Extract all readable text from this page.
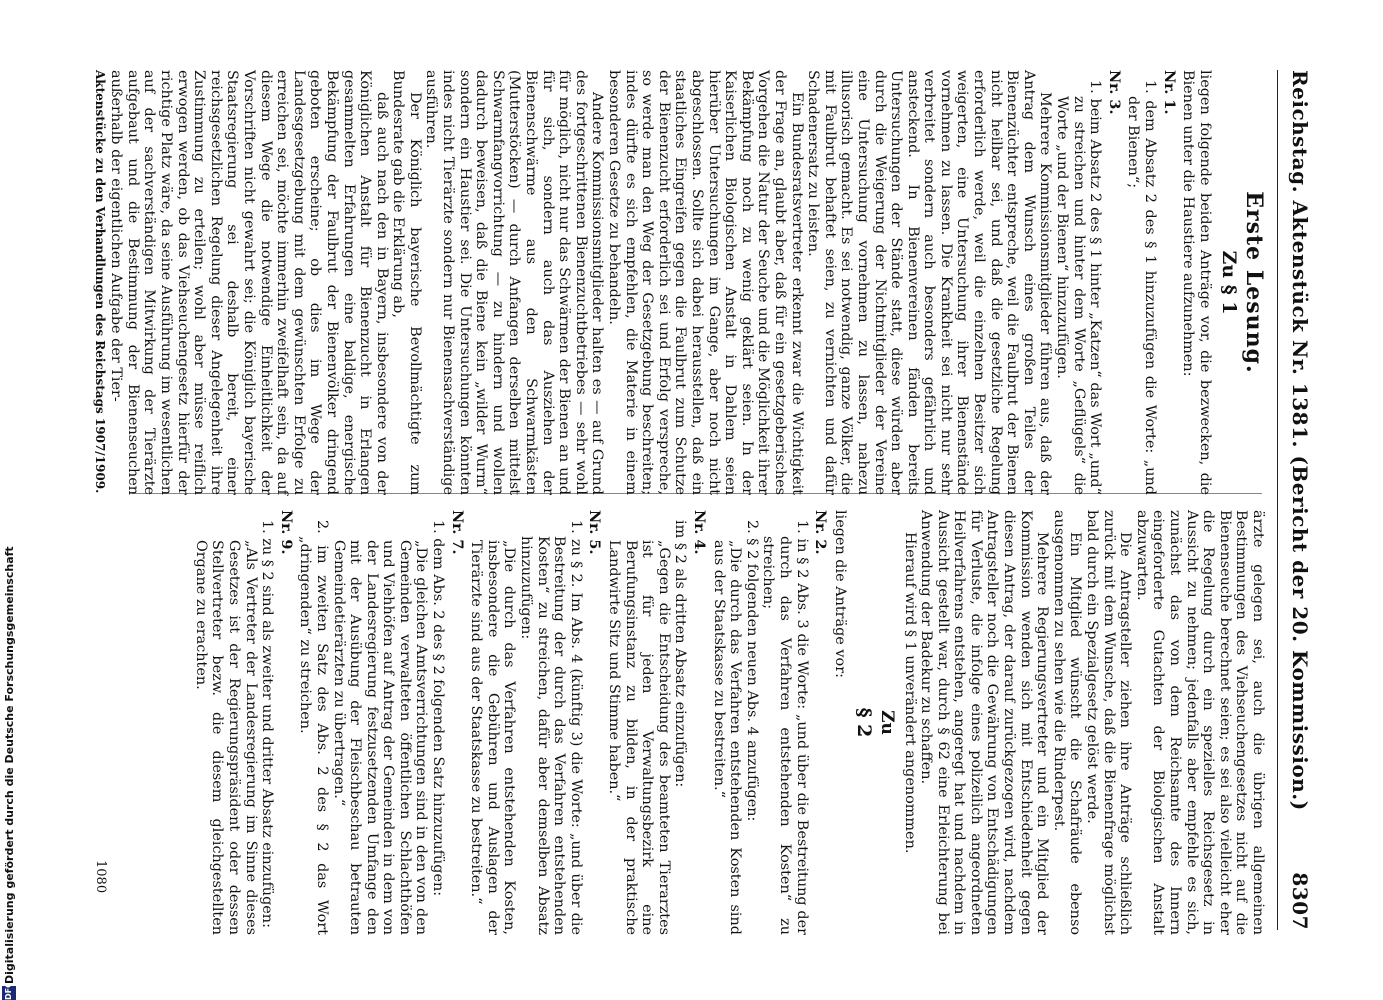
Reichstag. Aktenstück Nr. 1381. (Bericht der 20. Kommission.)
8307
Erste Lesung.
Zu § 1

liegen folgende beiden Anträge vor, die bezwecken, die Bienen unter die Haustiere aufzunehmen:

Nr. 1.

1. dem Absatz 2 des § 1 hinzuzufügen die Worte: „und der Bienen“;

Nr. 3.

1. beim Absatz 2 des § 1 hinter „Katzen“ das Wort „und“ zu streichen und hinter dem Worte „Geflügels“ die Worte „und der Bienen“ hinzuzufügen.

Mehrere Kommissionsmitglieder führen aus, daß der Antrag dem Wunsch eines großen Teiles der Bienenzüchter entspreche, weil die Faulbrut der Bienen nicht heilbar sei, und daß die gesetzliche Regelung erforderlich werde, weil die einzelnen Besitzer sich weigerten, eine Untersuchung ihrer Bienenstände vornehmen zu lassen. Die Krankheit sei nicht nur sehr verbreitet sondern auch besonders gefährlich und ansteckend. In Bienenvereinen fänden bereits Untersuchungen der Stände statt, diese würden aber durch die Weigerung der Nichtmitglieder der Vereine eine Untersuchung vornehmen zu lassen, nahezu illusorisch gemacht. Es sei notwendig, ganze Völker, die mit Faulbrut behaftet seien, zu vernichten und dafür Schadenersatz zu leisten.

Ein Bundesratsvertreter erkennt zwar die Wichtigkeit der Frage an, glaubt aber, daß für ein gesetzgeberisches Vorgehen die Natur der Seuche und die Möglichkeit ihrer Bekämpfung noch zu wenig geklärt seien. In der Kaiserlichen Biologischen Anstalt in Dahlem seien hierüber Untersuchungen im Gange, aber noch nicht abgeschlossen. Sollte sich dabei herausstellen, daß ein staatliches Eingreifen gegen die Faulbrut zum Schutze der Bienenzucht erforderlich sei und Erfolg verspreche, so werde man den Weg der Gesetzgebung beschreiten; indes dürfte es sich empfehlen, die Materie in einem besonderen Gesetze zu behandeln.

Andere Kommissionsmitglieder halten es — auf Grund des fortgeschrittenen Bienenzuchtbetriebes — sehr wohl für möglich, nicht nur das Schwärmen der Bienen an und für sich, sondern auch das Ausziehen der Bienenschwärme aus den Schwarmkästen (Mutterstöcken) — durch Anfangen derselben mittelst Schwarmfangvorrichtung — zu hindern und wollen dadurch beweisen, daß die Biene kein „wilder Wurm“ sondern ein Haustier sei. Die Untersuchungen könnten indes nicht Tierärzte sondern nur Bienensachverständige ausführen.

Der Königlich bayerische Bevollmächtigte zum Bundesrate gab die Erklärung ab,

daß auch nach den in Bayern, insbesondere von der Königlichen Anstalt für Bienenzucht in Erlangen gesammelten Erfahrungen eine baldige, energische Bekämpfung der Faulbrut der Bienenvölker dringend geboten erscheine; ob dies im Wege der Landesgesetzgebung mit dem gewünschten Erfolge zu erreichen sei, möchte immerhin zweifelhaft sein, da auf diesem Wege die notwendige Einheitlichkeit der Vorschriften nicht gewahrt sei; die Königlich bayerische Staatsregierung sei deshalb bereit, einer reichsgesetzlichen Regelung dieser Angelegenheit ihre Zustimmung zu erteilen; wohl aber müsse reiflich erwogen werden, ob das Viehseuchengesetz hierfür der richtige Platz wäre, da seine Ausführung im wesentlichen auf der sachverständigen Mitwirkung der Tierärzte aufgebaut und die Bestimmung der Bienenseuchen außerhalb der eigentlichen Aufgabe der Tier-

ärzte gelegen sei, auch die übrigen allgemeinen Bestimmungen des Viehseuchengesetzes nicht auf die Bienenseuche berechnet seien; es sei also vielleicht eher die Regelung durch ein spezielles Reichsgesetz in Aussicht zu nehmen; jedenfalls aber empfehle es sich, zunächst das von dem Reichsamte des Innern eingeforderte Gutachten der Biologischen Anstalt abzuwarten.

Die Antragsteller ziehen ihre Anträge schließlich zurück mit dem Wunsche, daß die Bienenfrage möglichst bald durch ein Spezialgesetz gelöst werde.

Ein Mitglied wünscht die Schafräude ebenso ausgenommen zu sehen wie die Rinderpest.

Mehrere Regierungsvertreter und ein Mitglied der Kommission wenden sich mit Entschiedenheit gegen diesen Antrag, der darauf zurückgezogen wird, nachdem Antragsteller noch die Gewährung von Entschädigungen für Verluste, die infolge eines polizeilich angeordneten Heilverfahrens entstehen, angeregt hat und nachdem in Aussicht gestellt war, durch § 62 eine Erleichterung bei Anwendung der Badekur zu schaffen.

Hierauf wird § 1 unverändert angenommen.

Zu
§ 2

liegen die Anträge vor:

Nr. 2.

1. in § 2 Abs. 3 die Worte: „und über die Bestreitung der durch das Verfahren entstehenden Kosten“ zu streichen;

2. § 2 folgenden neuen Abs. 4 anzufügen:

„Die durch das Verfahren entstehenden Kosten sind aus der Staatskasse zu bestreiten.“

Nr. 4.

im § 2 als dritten Absatz einzufügen:

„Gegen die Entscheidung des beamteten Tierarztes ist für jeden Verwaltungsbezirk eine Berufungsinstanz zu bilden, in der praktische Landwirte Sitz und Stimme haben.“

Nr. 5.

1. zu § 2. Im Abs. 4 (künftig 3) die Worte: „und über die Bestreitung der durch das Verfahren entstehenden Kosten“ zu streichen, dafür aber demselben Absatz hinzuzufügen:

„Die durch das Verfahren entstehenden Kosten, insbesondere die Gebühren und Auslagen der Tierärzte sind aus der Staatskasse zu bestreiten.“

Nr. 7.

1. dem Abs. 2 des § 2 folgenden Satz hinzuzufügen:

„Die gleichen Amtsverrichtungen sind in den von den Gemeinden verwalteten öffentlichen Schlachthöfen und Viehhöfen auf Antrag der Gemeinden in dem von der Landesregierung festzusetzenden Umfange den mit der Ausübung der Fleischbeschau betrauten Gemeindetierärzten zu übertragen.“

2. im zweiten Satz des Abs. 2 des § 2 das Wort „dringenden“ zu streichen.

Nr. 9.

1. zu § 2 sind als zweiter und dritter Absatz einzufügen:

„Als Vertreter der Landesregierung im Sinne dieses Gesetzes ist der Regierungspräsident oder dessen Stellvertreter bezw. die diesem gleichgestellten Organe zu erachten.

Aktenstücke zu den Verhandlungen des Reichstags 1907/1909.
1080
DFG
Digitalisierung gefördert durch die Deutsche Forschungsgemeinschaft
